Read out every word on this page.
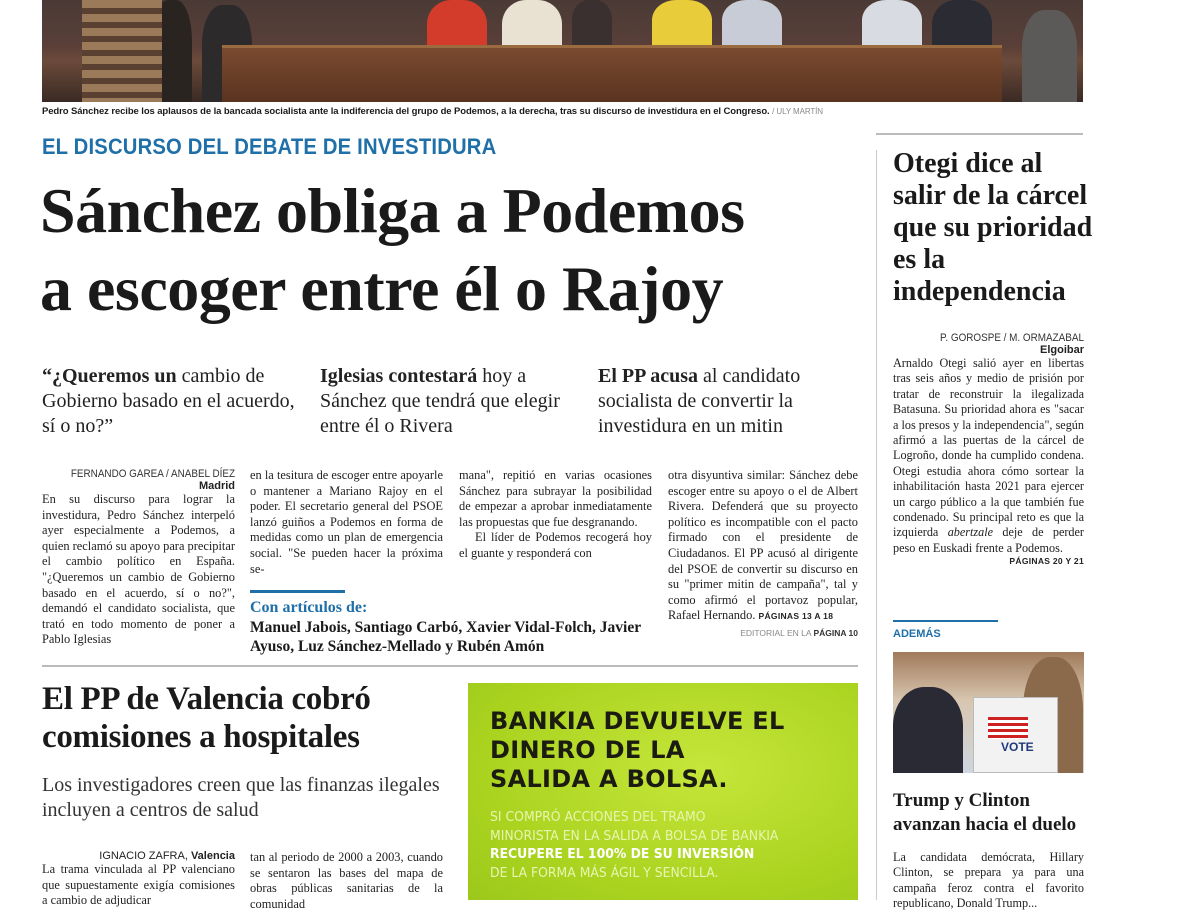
Pedro Sánchez recibe los aplausos de la bancada socialista ante la indiferencia del grupo de Podemos, a la derecha, tras su discurso de investidura en el Congreso. / ULY MARTÍN
EL DISCURSO DEL DEBATE DE INVESTIDURA
Sánchez obliga a Podemos
a escoger entre él o Rajoy
“¿Queremos un cambio de Gobierno basado en el acuerdo, sí o no?”
Iglesias contestará hoy a Sánchez que tendrá que elegir entre él o Rivera
El PP acusa al candidato socialista de convertir la investidura en un mitin
FERNANDO GAREA / ANABEL DÍEZ
Madrid
En su discurso para lograr la investidura, Pedro Sánchez interpeló ayer especialmente a Podemos, a quien reclamó su apoyo para precipitar el cambio político en España. "¿Queremos un cambio de Gobierno basado en el acuerdo, sí o no?", demandó el candidato socialista, que trató en todo momento de poner a Pablo Iglesias
en la tesitura de escoger entre apoyarle o mantener a Mariano Rajoy en el poder. El secretario general del PSOE lanzó guiños a Podemos en forma de medidas como un plan de emergencia social. "Se pueden hacer la próxima se-
Con artículos de:
Manuel Jabois, Santiago Carbó, Xavier Vidal-Folch, Javier Ayuso, Luz Sánchez-Mellado y Rubén Amón
mana", repitió en varias ocasiones Sánchez para subrayar la posibilidad de empezar a aprobar inmediatamente las propuestas que fue desgranando.
El líder de Podemos recogerá hoy el guante y responderá con
otra disyuntiva similar: Sánchez debe escoger entre su apoyo o el de Albert Rivera. Defenderá que su proyecto político es incompatible con el pacto firmado con el presidente de Ciudadanos. El PP acusó al dirigente del PSOE de convertir su discurso en su "primer mitin de campaña", tal y como afirmó el portavoz popular, Rafael Hernando. PÁGINAS 13 A 18
EDITORIAL EN LA PÁGINA 10
Otegi dice al salir de la cárcel que su prioridad es la independencia
P. GOROSPE / M. ORMAZABAL
Elgoibar
Arnaldo Otegi salió ayer en libertas tras seis años y medio de prisión por tratar de reconstruir la ilegalizada Batasuna. Su prioridad ahora es "sacar a los presos y la independencia", según afirmó a las puertas de la cárcel de Logroño, donde ha cumplido condena. Otegi estudia ahora cómo sortear la inhabilitación hasta 2021 para ejercer un cargo público a la que también fue condenado. Su principal reto es que la izquierda abertzale deje de perder peso en Euskadi frente a Podemos.
PÁGINAS 20 Y 21
ADEMÁS
VOTE
Trump y Clinton avanzan hacia el duelo
La candidata demócrata, Hillary Clinton, se prepara ya para una campaña feroz contra el favorito republicano, Donald Trump...
El PP de Valencia cobró comisiones a hospitales
Los investigadores creen que las finanzas ilegales incluyen a centros de salud
IGNACIO ZAFRA, Valencia
La trama vinculada al PP valenciano que supuestamente exigía comisiones a cambio de adjudicar
tan al periodo de 2000 a 2003, cuando se sentaron las bases del mapa de obras públicas sanitarias de la comunidad
BANKIA DEVUELVE EL DINERO DE LA SALIDA A BOLSA.

SI COMPRÓ ACCIONES DEL TRAMO
MINORISTA EN LA SALIDA A BOLSA DE BANKIA
RECUPERE EL 100% DE SU INVERSIÓN
DE LA FORMA MÁS ÁGIL Y SENCILLA.
